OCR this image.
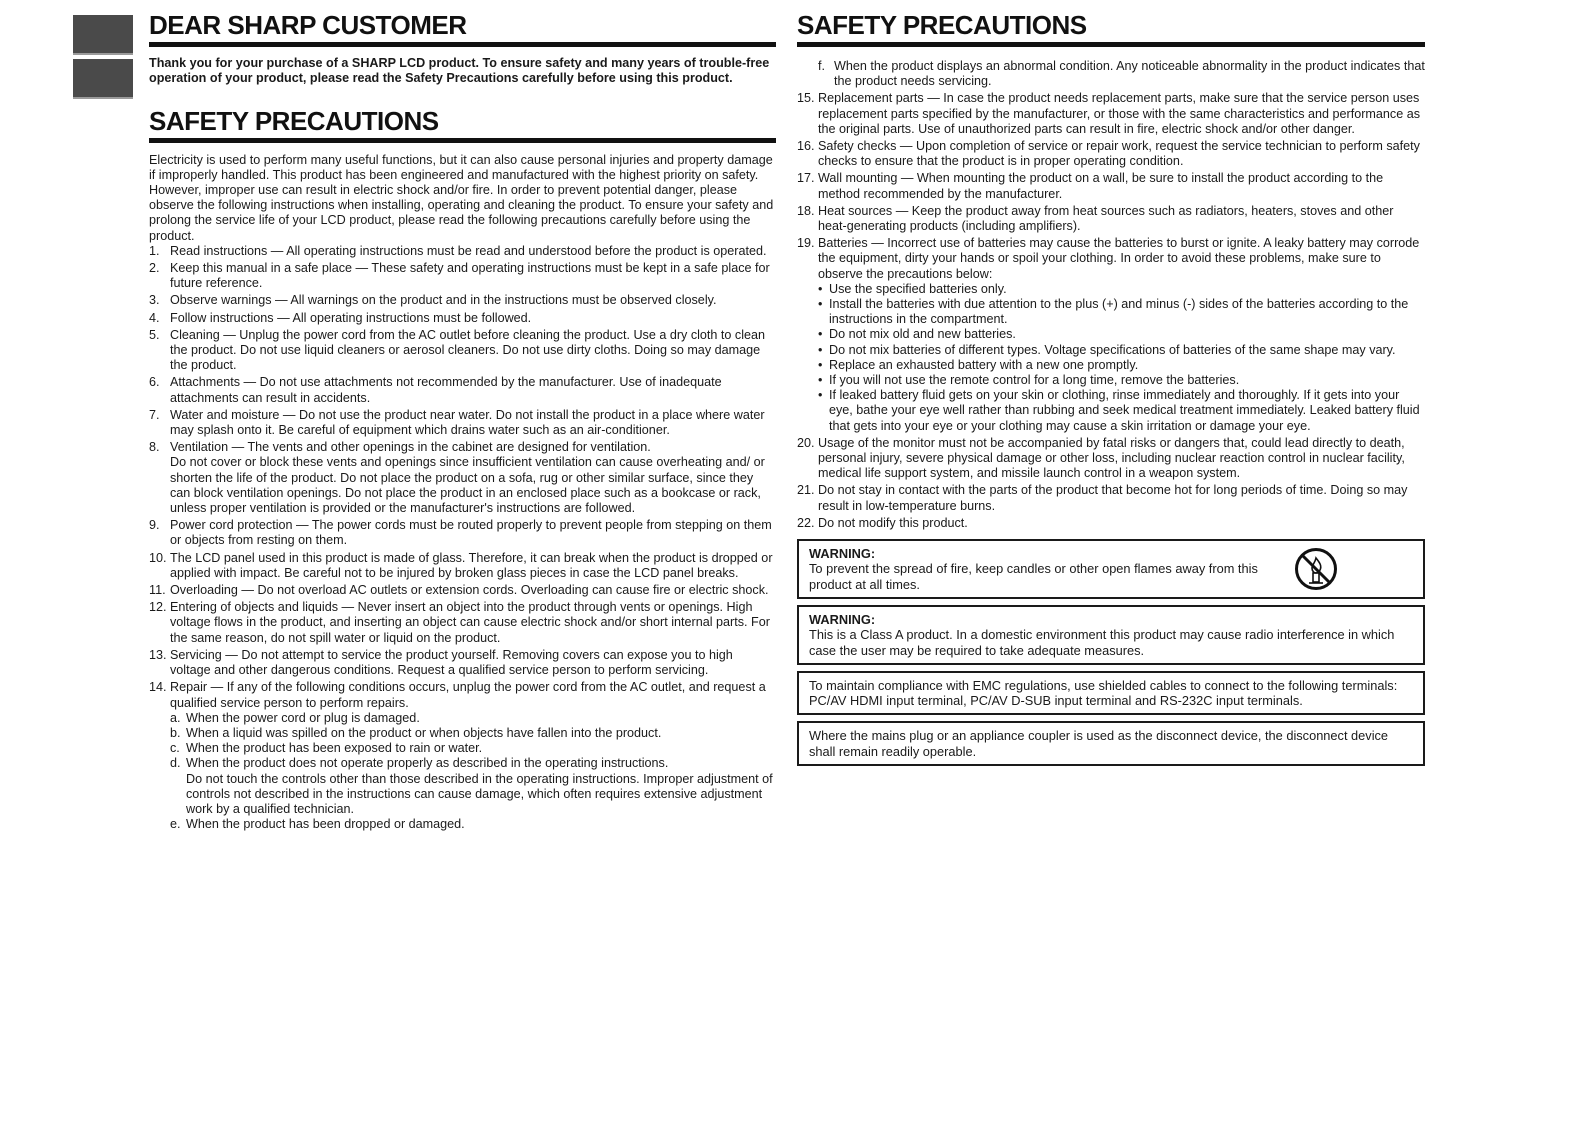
DEAR SHARP CUSTOMER

Thank you for your purchase of a SHARP LCD product. To ensure safety and many years of trouble-free operation of your product, please read the Safety Precautions carefully before using this product.

SAFETY PRECAUTIONS

Electricity is used to perform many useful functions, but it can also cause personal injuries and property damage if improperly handled. This product has been engineered and manufactured with the highest priority on safety. However, improper use can result in electric shock and/or fire. In order to prevent potential danger, please observe the following instructions when installing, operating and cleaning the product. To ensure your safety and prolong the service life of your LCD product, please read the following precautions carefully before using the product.

1. Read instructions — All operating instructions must be read and understood before the product is operated.
2. Keep this manual in a safe place — These safety and operating instructions must be kept in a safe place for future reference.
3. Observe warnings — All warnings on the product and in the instructions must be observed closely.
4. Follow instructions — All operating instructions must be followed.
5. Cleaning — Unplug the power cord from the AC outlet before cleaning the product. Use a dry cloth to clean the product. Do not use liquid cleaners or aerosol cleaners. Do not use dirty cloths. Doing so may damage the product.
6. Attachments — Do not use attachments not recommended by the manufacturer. Use of inadequate attachments can result in accidents.
7. Water and moisture — Do not use the product near water. Do not install the product in a place where water may splash onto it. Be careful of equipment which drains water such as an air-conditioner.
8. Ventilation — The vents and other openings in the cabinet are designed for ventilation.
Do not cover or block these vents and openings since insufficient ventilation can cause overheating and/ or shorten the life of the product. Do not place the product on a sofa, rug or other similar surface, since they can block ventilation openings. Do not place the product in an enclosed place such as a bookcase or rack, unless proper ventilation is provided or the manufacturer's instructions are followed.
9. Power cord protection — The power cords must be routed properly to prevent people from stepping on them or objects from resting on them.
10. The LCD panel used in this product is made of glass. Therefore, it can break when the product is dropped or applied with impact. Be careful not to be injured by broken glass pieces in case the LCD panel breaks.
11. Overloading — Do not overload AC outlets or extension cords. Overloading can cause fire or electric shock.
12. Entering of objects and liquids — Never insert an object into the product through vents or openings. High voltage flows in the product, and inserting an object can cause electric shock and/or short internal parts. For the same reason, do not spill water or liquid on the product.
13. Servicing — Do not attempt to service the product yourself. Removing covers can expose you to high voltage and other dangerous conditions. Request a qualified service person to perform servicing.
14. Repair — If any of the following conditions occurs, unplug the power cord from the AC outlet, and request a qualified service person to perform repairs.
a. When the power cord or plug is damaged.
b. When a liquid was spilled on the product or when objects have fallen into the product.
c. When the product has been exposed to rain or water.
d. When the product does not operate properly as described in the operating instructions.
Do not touch the controls other than those described in the operating instructions. Improper adjustment of controls not described in the instructions can cause damage, which often requires extensive adjustment work by a qualified technician.
e. When the product has been dropped or damaged.
SAFETY PRECAUTIONS
f. When the product displays an abnormal condition. Any noticeable abnormality in the product indicates that the product needs servicing.
15. Replacement parts — In case the product needs replacement parts, make sure that the service person uses replacement parts specified by the manufacturer, or those with the same characteristics and performance as the original parts. Use of unauthorized parts can result in fire, electric shock and/or other danger.
16. Safety checks — Upon completion of service or repair work, request the service technician to perform safety checks to ensure that the product is in proper operating condition.
17. Wall mounting — When mounting the product on a wall, be sure to install the product according to the method recommended by the manufacturer.
18. Heat sources — Keep the product away from heat sources such as radiators, heaters, stoves and other heat-generating products (including amplifiers).
19. Batteries — Incorrect use of batteries may cause the batteries to burst or ignite. A leaky battery may corrode the equipment, dirty your hands or spoil your clothing. In order to avoid these problems, make sure to observe the precautions below:
• Use the specified batteries only.
• Install the batteries with due attention to the plus (+) and minus (-) sides of the batteries according to the instructions in the compartment.
• Do not mix old and new batteries.
• Do not mix batteries of different types. Voltage specifications of batteries of the same shape may vary.
• Replace an exhausted battery with a new one promptly.
• If you will not use the remote control for a long time, remove the batteries.
• If leaked battery fluid gets on your skin or clothing, rinse immediately and thoroughly. If it gets into your eye, bathe your eye well rather than rubbing and seek medical treatment immediately. Leaked battery fluid that gets into your eye or your clothing may cause a skin irritation or damage your eye.
20. Usage of the monitor must not be accompanied by fatal risks or dangers that, could lead directly to death, personal injury, severe physical damage or other loss, including nuclear reaction control in nuclear facility, medical life support system, and missile launch control in a weapon system.
21. Do not stay in contact with the parts of the product that become hot for long periods of time. Doing so may result in low-temperature burns.
22. Do not modify this product.
WARNING:
To prevent the spread of fire, keep candles or other open flames away from this product at all times.
WARNING:
This is a Class A product. In a domestic environment this product may cause radio interference in which case the user may be required to take adequate measures.
To maintain compliance with EMC regulations, use shielded cables to connect to the following terminals: PC/AV HDMI input terminal, PC/AV D-SUB input terminal and RS-232C input terminals.
Where the mains plug or an appliance coupler is used as the disconnect device, the disconnect device shall remain readily operable.
